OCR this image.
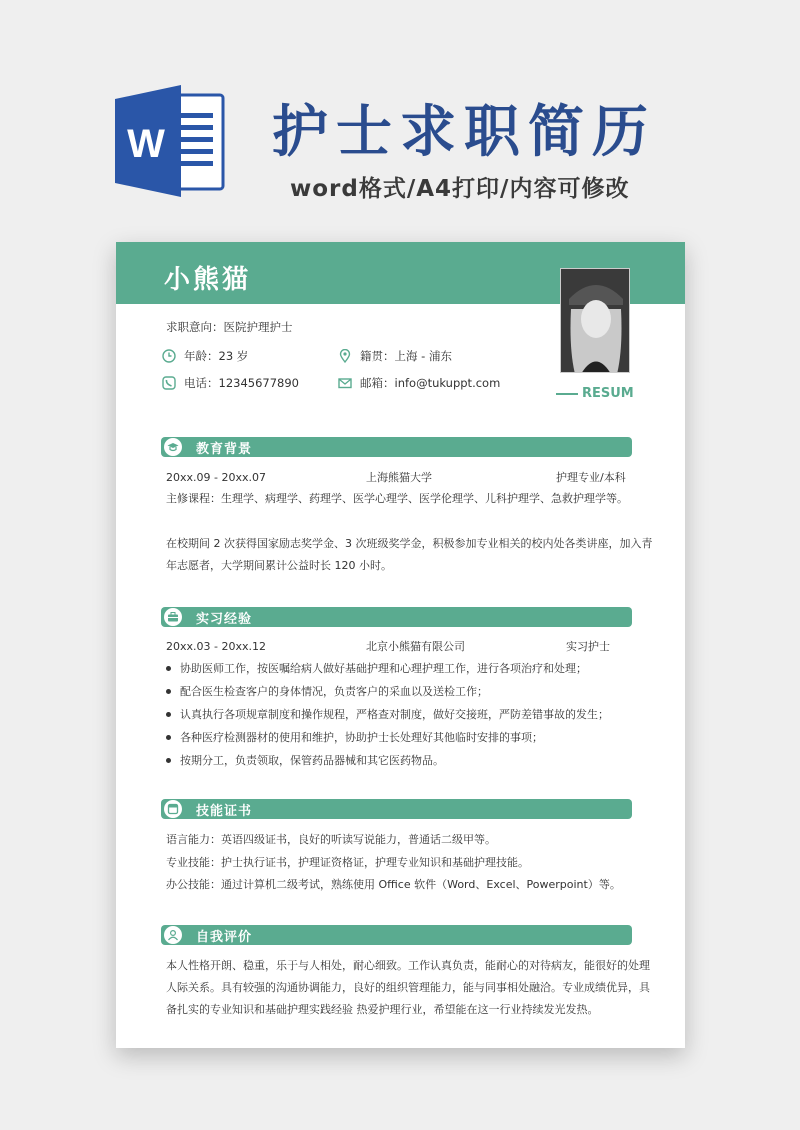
W 护士求职简历
word格式/A4打印/内容可修改
小熊猫
求职意向：医院护理护士
年龄：23 岁	籍贯：上海 - 浦东
电话：12345677890	邮箱：info@tukuppt.com
RESUM
教育背景
20xx.09 - 20xx.07	上海熊猫大学	护理专业/本科
主修课程：生理学、病理学、药理学、医学心理学、医学伦理学、儿科护理学、急救护理学等。
在校期间 2 次获得国家励志奖学金、3 次班级奖学金，积极参加专业相关的校内处各类讲座，加入青
年志愿者，大学期间累计公益时长 120 小时。
实习经验
20xx.03 - 20xx.12	北京小熊猫有限公司	实习护士
协助医师工作，按医嘱给病人做好基础护理和心理护理工作，进行各项治疗和处理；
配合医生检查客户的身体情况，负责客户的采血以及送检工作；
认真执行各项规章制度和操作规程，严格查对制度，做好交接班，严防差错事故的发生；
各种医疗检测器材的使用和维护，协助护士长处理好其他临时安排的事项；
按期分工，负责领取，保管药品器械和其它医药物品。
技能证书
语言能力：英语四级证书，良好的听读写说能力，普通话二级甲等。
专业技能：护士执行证书，护理证资格证，护理专业知识和基础护理技能。
办公技能：通过计算机二级考试，熟练使用 Office 软件（Word、Excel、Powerpoint）等。
自我评价
本人性格开朗、稳重，乐于与人相处，耐心细致。工作认真负责，能耐心的对待病友，能很好的处理
人际关系。具有较强的沟通协调能力，良好的组织管理能力，能与同事相处融洽。专业成绩优异，具
备扎实的专业知识和基础护理实践经验 热爱护理行业，希望能在这一行业持续发光发热。
